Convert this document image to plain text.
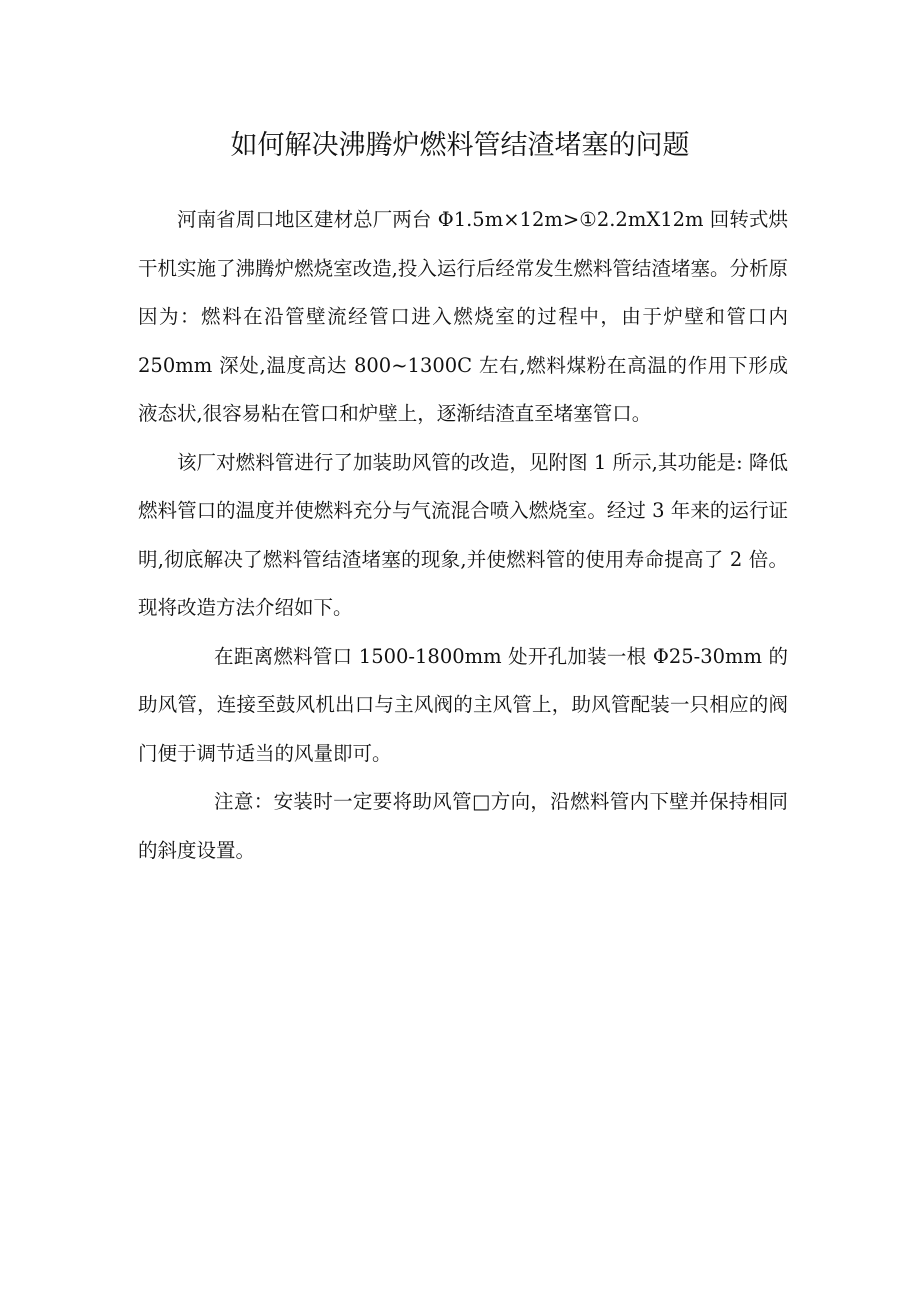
如何解决沸腾炉燃料管结渣堵塞的问题

河南省周口地区建材总厂两台 Φ1.5m×12m>①2.2mX12m 回转式烘干机实施了沸腾炉燃烧室改造,投入运行后经常发生燃料管结渣堵塞。分析原因为：燃料在沿管壁流经管口进入燃烧室的过程中，由于炉壁和管口内250mm 深处,温度高达 800~1300C 左右,燃料煤粉在高温的作用下形成液态状,很容易粘在管口和炉壁上，逐渐结渣直至堵塞管口。

该厂对燃料管进行了加装助风管的改造，见附图 1 所示,其功能是: 降低燃料管口的温度并使燃料充分与气流混合喷入燃烧室。经过 3 年来的运行证明,彻底解决了燃料管结渣堵塞的现象,并使燃料管的使用寿命提高了 2 倍。现将改造方法介绍如下。

在距离燃料管口 1500-1800mm 处开孔加装一根 Φ25-30mm 的助风管，连接至鼓风机出口与主风阀的主风管上，助风管配装一只相应的阀门便于调节适当的风量即可。

注意：安装时一定要将助风管□方向，沿燃料管内下壁并保持相同的斜度设置。
